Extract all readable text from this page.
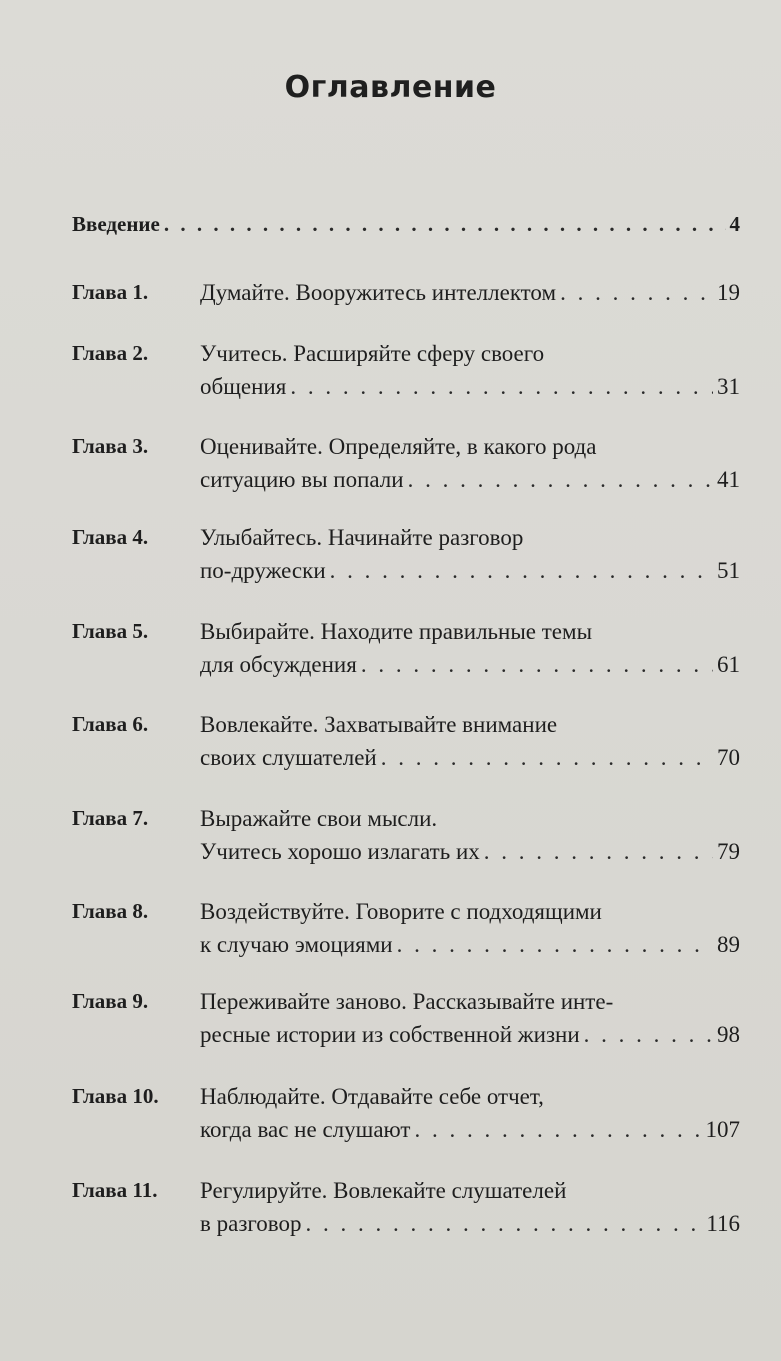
Оглавление
Введение . . .	4
Глава 1. Думайте. Вооружитесь интеллектом . . .	19
Глава 2. Учитесь. Расширяйте сферу своего
общения . . .	31
Глава 3. Оценивайте. Определяйте, в какого рода
ситуацию вы попали . . .	41
Глава 4. Улыбайтесь. Начинайте разговор
по-дружески . . .	51
Глава 5. Выбирайте. Находите правильные темы
для обсуждения . . .	61
Глава 6. Вовлекайте. Захватывайте внимание
своих слушателей . . .	70
Глава 7. Выражайте свои мысли.
Учитесь хорошо излагать их . . .	79
Глава 8. Воздействуйте. Говорите с подходящими
к случаю эмоциями . . .	89
Глава 9. Переживайте заново. Рассказывайте инте-
ресные истории из собственной жизни . . .	98
Глава 10. Наблюдайте. Отдавайте себе отчет,
когда вас не слушают . . .	107
Глава 11. Регулируйте. Вовлекайте слушателей
в разговор . . .	116
